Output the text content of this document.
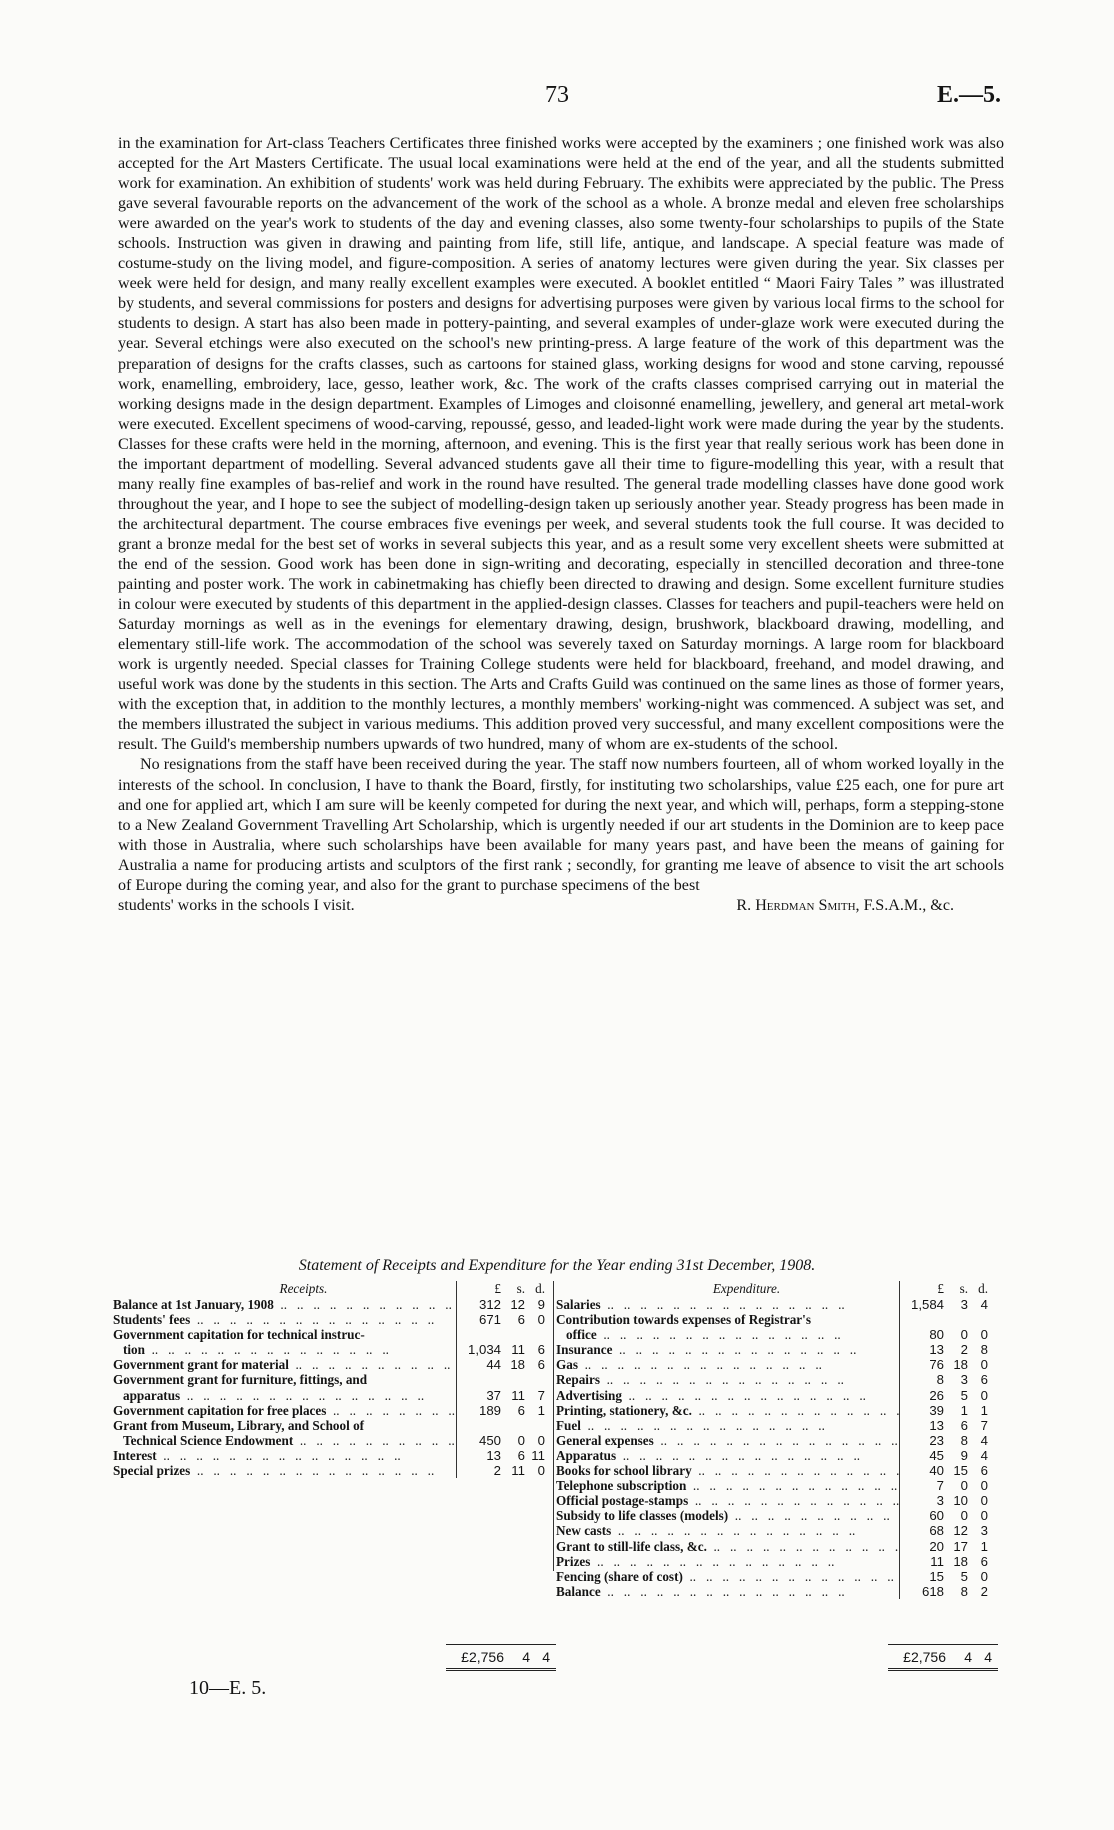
73	E.—5.

in the examination for Art-class Teachers Certificates three finished works were accepted by the examiners ; one finished work was also accepted for the Art Masters Certificate. The usual local examinations were held at the end of the year, and all the students submitted work for examination. An exhibition of students' work was held during February. The exhibits were appreciated by the public. The Press gave several favourable reports on the advancement of the work of the school as a whole. A bronze medal and eleven free scholarships were awarded on the year's work to students of the day and evening classes, also some twenty-four scholarships to pupils of the State schools. Instruction was given in drawing and painting from life, still life, antique, and landscape. A special feature was made of costume-study on the living model, and figure-composition. A series of anatomy lectures were given during the year. Six classes per week were held for design, and many really excellent examples were executed. A booklet entitled “ Maori Fairy Tales ” was illustrated by students, and several commissions for posters and designs for advertising purposes were given by various local firms to the school for students to design. A start has also been made in pottery-painting, and several examples of under-glaze work were executed during the year. Several etchings were also executed on the school's new printing-press. A large feature of the work of this department was the preparation of designs for the crafts classes, such as cartoons for stained glass, working designs for wood and stone carving, repoussé work, enamelling, embroidery, lace, gesso, leather work, &c. The work of the crafts classes comprised carrying out in material the working designs made in the design department. Examples of Limoges and cloisonné enamelling, jewellery, and general art metal-work were executed. Excellent specimens of wood-carving, repoussé, gesso, and leaded-light work were made during the year by the students. Classes for these crafts were held in the morning, afternoon, and evening. This is the first year that really serious work has been done in the important department of modelling. Several advanced students gave all their time to figure-modelling this year, with a result that many really fine examples of bas-relief and work in the round have resulted. The general trade modelling classes have done good work throughout the year, and I hope to see the subject of modelling-design taken up seriously another year. Steady progress has been made in the architectural department. The course embraces five evenings per week, and several students took the full course. It was decided to grant a bronze medal for the best set of works in several subjects this year, and as a result some very excellent sheets were submitted at the end of the session. Good work has been done in sign-writing and decorating, especially in stencilled decoration and three-tone painting and poster work. The work in cabinetmaking has chiefly been directed to drawing and design. Some excellent furniture studies in colour were executed by students of this department in the applied-design classes. Classes for teachers and pupil-teachers were held on Saturday mornings as well as in the evenings for elementary drawing, design, brushwork, blackboard drawing, modelling, and elementary still-life work. The accommodation of the school was severely taxed on Saturday mornings. A large room for blackboard work is urgently needed. Special classes for Training College students were held for blackboard, freehand, and model drawing, and useful work was done by the students in this section. The Arts and Crafts Guild was continued on the same lines as those of former years, with the exception that, in addition to the monthly lectures, a monthly members' working-night was commenced. A subject was set, and the members illustrated the subject in various mediums. This addition proved very successful, and many excellent compositions were the result. The Guild's membership numbers upwards of two hundred, many of whom are ex-students of the school.

No resignations from the staff have been received during the year. The staff now numbers fourteen, all of whom worked loyally in the interests of the school. In conclusion, I have to thank the Board, firstly, for instituting two scholarships, value £25 each, one for pure art and one for applied art, which I am sure will be keenly competed for during the next year, and which will, perhaps, form a stepping-stone to a New Zealand Government Travelling Art Scholarship, which is urgently needed if our art students in the Dominion are to keep pace with those in Australia, where such scholarships have been available for many years past, and have been the means of gaining for Australia a name for producing artists and sculptors of the first rank ; secondly, for granting me leave of absence to visit the art schools of Europe during the coming year, and also for the grant to purchase specimens of the best

students' works in the schools I visit.	R. Herdman Smith, F.S.A.M., &c.
Statement of Receipts and Expenditure for the Year ending 31st December, 1908.
Receipts.	£	s. d.
Balance at 1st January, 1908 ..	312 12 9
Students' fees ..	671	6 0
Government capitation for technical instruc-
tion ..	1,034 11 6
Government grant for material ..	44 18 6
Government grant for furniture, fittings, and
apparatus ..	37 11 7
Government capitation for free places ..	189	6 1
Grant from Museum, Library, and School of
Technical Science Endowment ..	450	0 0
Interest ..	13	6 11
Special prizes ..	2 11 0
Expenditure.	£	s. d.
Salaries ..	1,584	3 4
Contribution towards expenses of Registrar's
office ..	80	0 0
Insurance ..	13	2 8
Gas ..	76 18 0
Repairs ..	8	3 6
Advertising ..	26	5 0
Printing, stationery, &c. ..	39	1 1
Fuel ..	13	6 7
General expenses ..	23	8 4
Apparatus ..	45	9 4
Books for school library ..	40 15 6
Telephone subscription ..	7	0 0
Official postage-stamps ..	3 10 0
Subsidy to life classes (models) ..	60	0 0
New casts ..	68 12 3
Grant to still-life class, &c. ..	20 17 1
Prizes ..	11 18 6
Fencing (share of cost) ..	15	5 0
Balance ..	618	8 2
£2,756	4 4	£2,756	4 4
10—E. 5.
